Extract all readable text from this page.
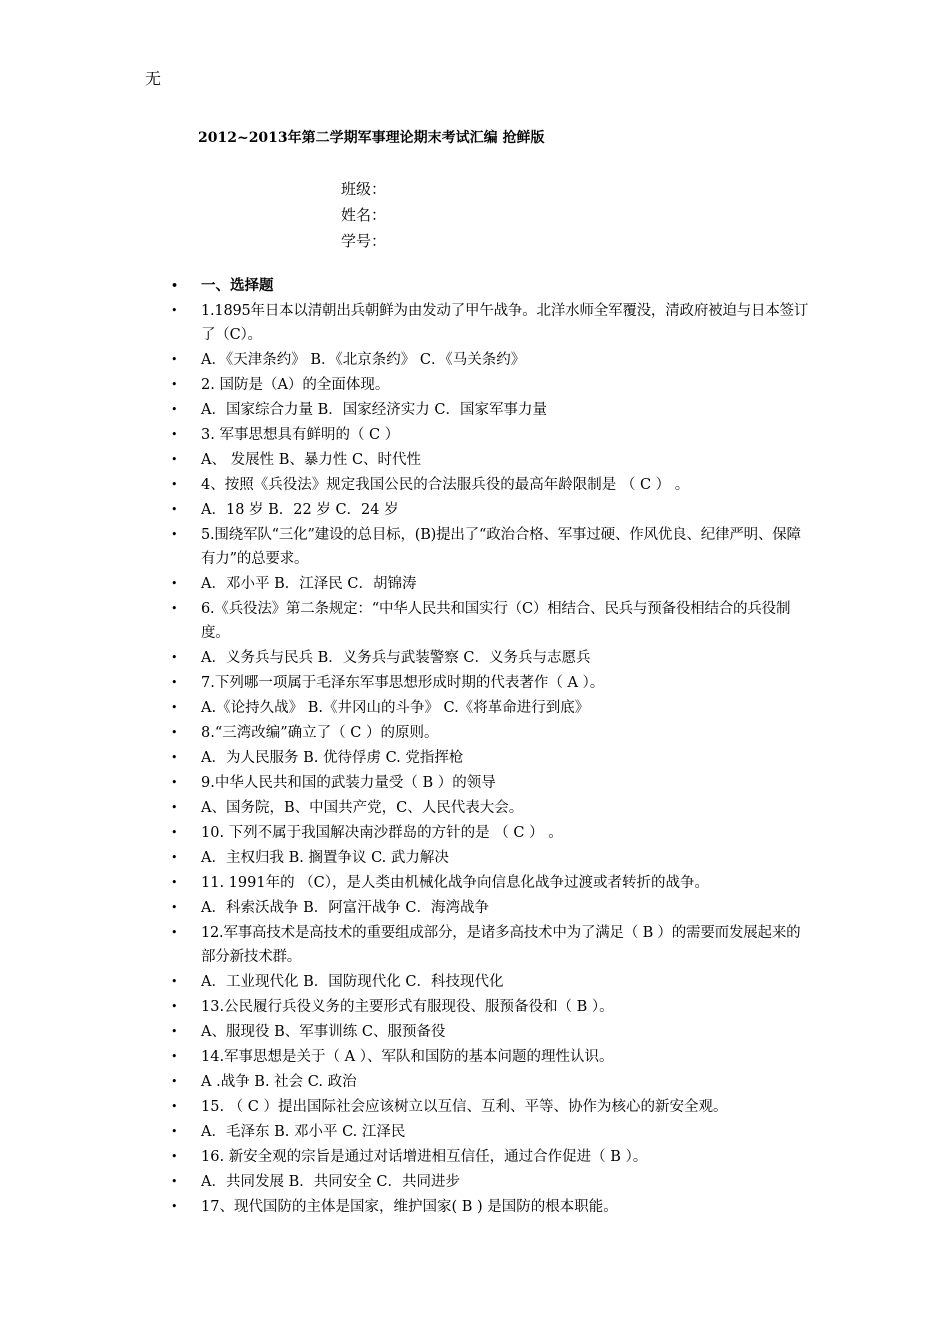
无
2012~2013年第二学期军事理论期末考试汇编 抢鲜版
班级：
姓名：
学号：
• 一、选择题
• 1.1895年日本以清朝出兵朝鲜为由发动了甲午战争。北洋水师全军覆没，清政府被迫与日本签订了（C）。
• A．《天津条约》 B．《北京条约》 C．《马关条约》
• 2. 国防是（A）的全面体现。
• A．国家综合力量 B．国家经济实力 C．国家军事力量
• 3. 军事思想具有鲜明的（ C ）
• A、 发展性 B、暴力性 C、时代性
• 4、按照《兵役法》规定我国公民的合法服兵役的最高年龄限制是 （ C ） 。
• A．18 岁 B．22 岁 C．24 岁
• 5.围绕军队“三化”建设的总目标，(B)提出了“政治合格、军事过硬、作风优良、纪律严明、保障有力”的总要求。
• A．邓小平 B．江泽民 C．胡锦涛
• 6.《兵役法》第二条规定：“中华人民共和国实行（C）相结合、民兵与预备役相结合的兵役制度。
• A．义务兵与民兵 B．义务兵与武装警察 C．义务兵与志愿兵
• 7.下列哪一项属于毛泽东军事思想形成时期的代表著作（ A ）。
• A.《论持久战》 B.《井冈山的斗争》 C.《将革命进行到底》
• 8.“三湾改编”确立了（ C ）的原则。
• A．为人民服务 B. 优待俘虏 C. 党指挥枪
• 9.中华人民共和国的武装力量受（ B ）的领导
• A、国务院，B、中国共产党，C、人民代表大会。
• 10. 下列不属于我国解决南沙群岛的方针的是 （ C ） 。
• A．主权归我 B. 搁置争议 C. 武力解决
• 11. 1991年的 （C），是人类由机械化战争向信息化战争过渡或者转折的战争。
• A．科索沃战争 B．阿富汗战争 C．海湾战争
• 12.军事高技术是高技术的重要组成部分，是诸多高技术中为了满足（ B ）的需要而发展起来的部分新技术群。
• A．工业现代化 B．国防现代化 C．科技现代化
• 13.公民履行兵役义务的主要形式有服现役、服预备役和（ B ）。
• A、服现役 B、军事训练 C、服预备役
• 14.军事思想是关于（ A ）、军队和国防的基本问题的理性认识。
• A .战争 B. 社会 C. 政治
• 15. （ C ）提出国际社会应该树立以互信、互利、平等、协作为核心的新安全观。
• A．毛泽东 B. 邓小平 C. 江泽民
• 16. 新安全观的宗旨是通过对话增进相互信任，通过合作促进（ B ）。
• A．共同发展 B．共同安全 C．共同进步
• 17、现代国防的主体是国家，维护国家( B ) 是国防的根本职能。
